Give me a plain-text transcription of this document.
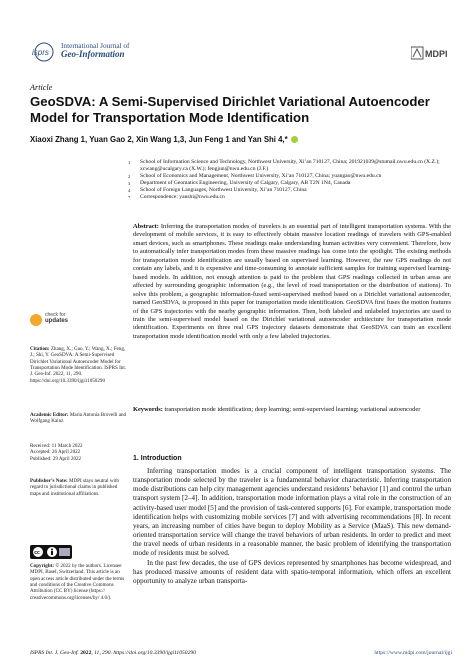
isprs
International Journal of
Geo-Information	MDPI
Article
GeoSDVA: A Semi-Supervised Dirichlet Variational Autoencoder Model for Transportation Mode Identification
Xiaoxi Zhang 1, Yuan Gao 2, Xin Wang 1,3, Jun Feng 1 and Yan Shi 4,*
1	School of Information Science and Technology, Northwest University, Xi’an 710127, China; 201921039@stumail.nwu.edu.cn (X.Z.); xcwang@ucalgary.ca (X.W.); fengjun@nwu.edu.cn (J.F.)
2	School of Economics and Management, Northwest University, Xi’an 710127, China; yuangao@nwu.edu.cn
3	Department of Geomatics Engineering, University of Calgary, Calgary, AB T2N 1N4, Canada
4	School of Foreign Languages, Northwest University, Xi’an 710127, China
*	Correspondence: yanshi@nwu.edu.cn
Abstract: Inferring the transportation modes of travelers is an essential part of intelligent transportation systems. With the development of mobile services, it is easy to effectively obtain massive location readings of travelers with GPS-enabled smart devices, such as smartphones. These readings make understanding human activities very convenient. Therefore, how to automatically infer transportation modes from these massive readings has come into the spotlight. The existing methods for transportation mode identification are usually based on supervised learning. However, the raw GPS readings do not contain any labels, and it is expensive and time-consuming to annotate sufficient samples for training supervised learning-based models. In addition, not enough attention is paid to the problem that GPS readings collected in urban areas are affected by surrounding geographic information (e.g., the level of road transportation or the distribution of stations). To solve this problem, a geographic information-fused semi-supervised method based on a Dirichlet variational autoencoder, named GeoSDVA, is proposed in this paper for transportation mode identification. GeoSDVA first fuses the motion features of the GPS trajectories with the nearby geographic information. Then, both labeled and unlabeled trajectories are used to train the semi-supervised model based on the Dirichlet variational autoencoder architecture for transportation mode identification. Experiments on three real GPS trajectory datasets demonstrate that GeoSDVA can train an excellent transportation mode identification model with only a few labeled trajectories.
Keywords: transportation mode identification; deep learning; semi-supervised learning; variational autoencoder
check for
updates
Citation: Zhang, X.; Gao, Y.; Wang, X.; Feng, J.; Shi, Y. GeoSDVA: A Semi-Supervised Dirichlet Variational Autoencoder Model for Transportation Mode Identification. ISPRS Int. J. Geo-Inf. 2022, 11, 290. https://doi.org/10.3390/ijgi11050290
Academic Editor: Maria Antonia Brovelli and Wolfgang Kainz
Received: 11 March 2022
Accepted: 26 April 2022
Published: 29 April 2022
Publisher’s Note: MDPI stays neutral with regard to jurisdictional claims in published maps and institutional affiliations.
cc
Copyright: © 2022 by the authors. Licensee MDPI, Basel, Switzerland. This article is an open access article distributed under the terms and conditions of the Creative Commons Attribution (CC BY) license (https:// creativecommons.org/licenses/by/ 4.0/).
1. Introduction

Inferring transportation modes is a crucial component of intelligent transportation systems. The transportation mode selected by the traveler is a fundamental behavior characteristic. Inferring transportation mode distributions can help city management agencies understand residents’ behavior [1] and control the urban transport system [2–4]. In addition, transportation mode information plays a vital role in the construction of an activity-based user model [5] and the provision of task-centered supports [6]. For example, transportation mode identification helps with customizing mobile services [7] and with advertising recommendations [8]. In recent years, an increasing number of cities have begun to deploy Mobility as a Service (MaaS). This new demand-oriented transportation service will change the travel behaviors of urban residents. In order to predict and meet the travel needs of urban residents in a reasonable manner, the basic problem of identifying the transportation mode of residents must be solved.

In the past few decades, the use of GPS devices represented by smartphones has become widespread, and has produced massive amounts of resident data with spatio-temporal information, which offers an excellent opportunity to analyze urban transporta-

ISPRS Int. J. Geo-Inf. 2022, 11, 290. https://doi.org/10.3390/ijgi11050290	https://www.mdpi.com/journal/ijgi
